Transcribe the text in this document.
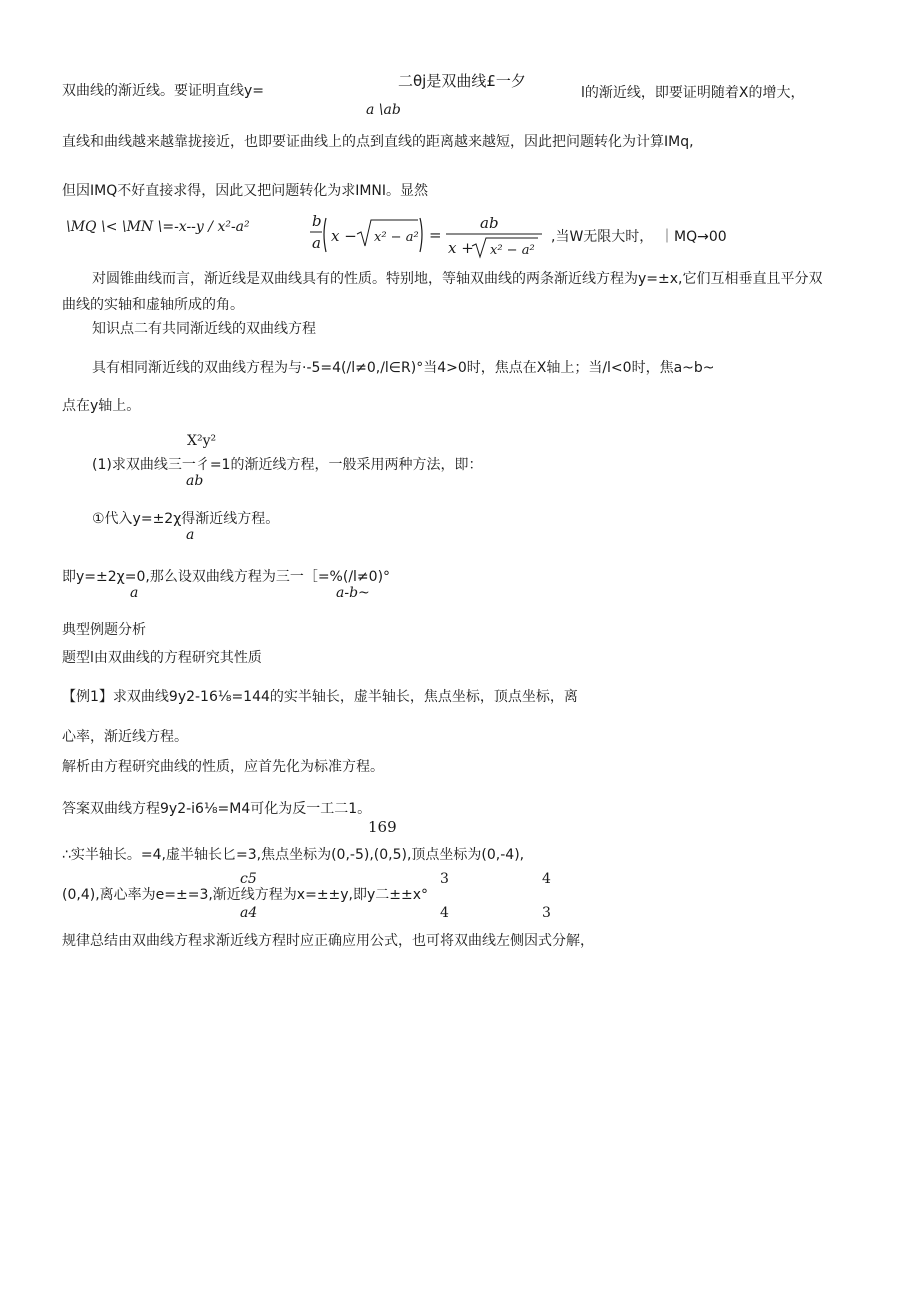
双曲线的渐近线。要证明直线y=
二θj是双曲线£一夕
a \ab
l的渐近线，即要证明随着X的增大，
直线和曲线越来越靠拢接近，也即要证曲线上的点到直线的距离越来越短，因此把问题转化为计算IMq,
但因IMQ不好直接求得，因此又把问题转化为求IMNI。显然
\MQ \< \MN \=-x--y / x²-a²	b
a x − x² − a² =
ab
x + x² − a²
,当W无限大时， ｜MQ→00
对圆锥曲线而言，渐近线是双曲线具有的性质。特别地，等轴双曲线的两条渐近线方程为y=±x,它们互相垂直且平分双
曲线的实轴和虚轴所成的角。
知识点二有共同渐近线的双曲线方程
具有相同渐近线的双曲线方程为与·-5=4(/l≠0,/l∈R)°当4>0时，焦点在X轴上；当/l<0时，焦a~b~
点在y轴上。
X²y²
(1)求双曲线三一彳=1的渐近线方程，一般采用两种方法，即：
ab
①代入y=±2χ得渐近线方程。
a
即y=±2χ=0,那么设双曲线方程为三一［=%(/l≠0)°
a	a-b~
典型例题分析
题型l由双曲线的方程研究其性质
【例1】求双曲线9y2-16⅛=144的实半轴长，虚半轴长，焦点坐标，顶点坐标，离
心率，渐近线方程。
解析由方程研究曲线的性质，应首先化为标准方程。
答案双曲线方程9y2-i6⅛=M4可化为反一工二1。
169
∴实半轴长。=4,虚半轴长匕=3,焦点坐标为(0,-5),(0,5),顶点坐标为(0,-4),
c5	3	4
(0,4),离心率为e=±=3,渐近线方程为x=±±y,即y二±±x°
a4	4	3
规律总结由双曲线方程求渐近线方程时应正确应用公式，也可将双曲线左侧因式分解，
